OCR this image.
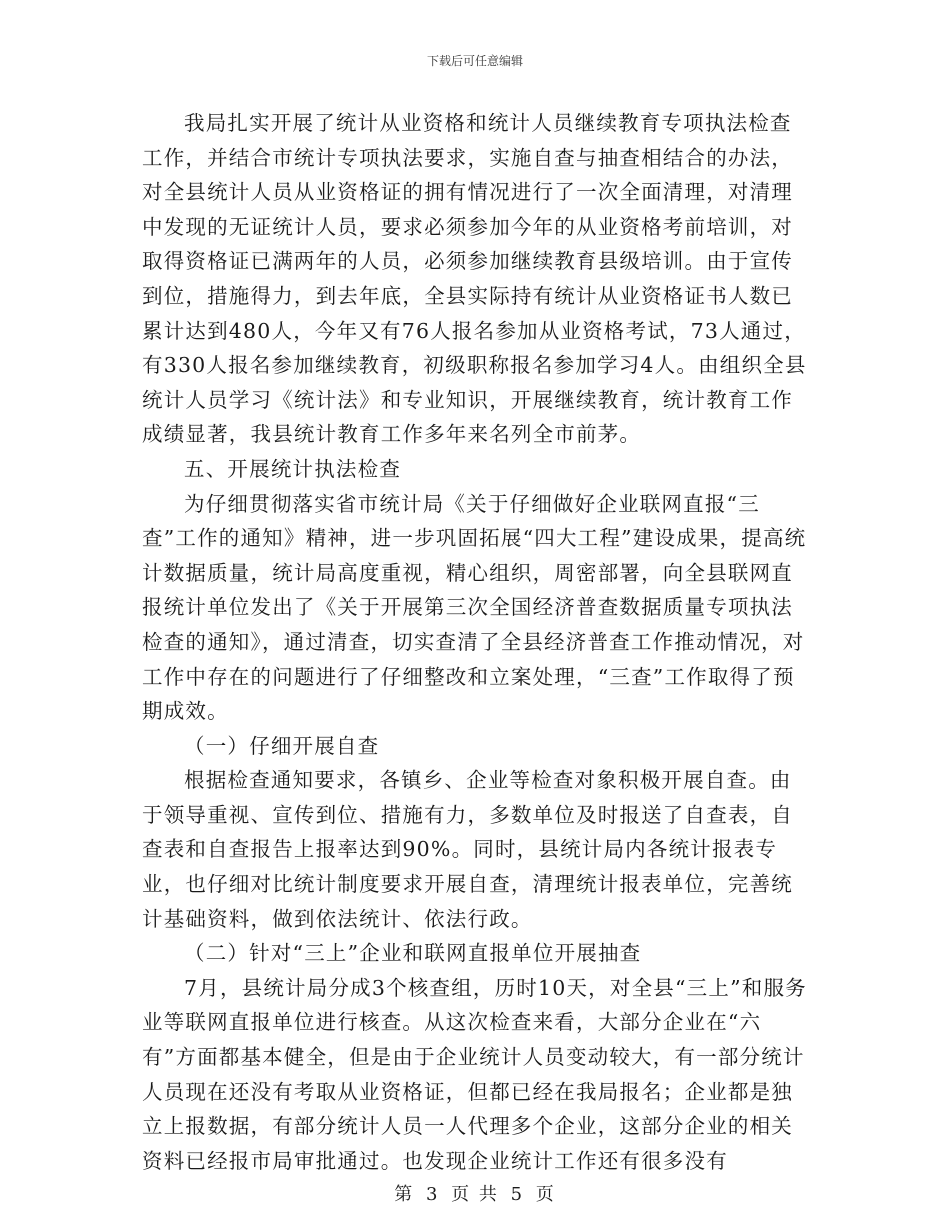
下载后可任意编辑

我局扎实开展了统计从业资格和统计人员继续教育专项执法检查工作，并结合市统计专项执法要求，实施自查与抽查相结合的办法，对全县统计人员从业资格证的拥有情况进行了一次全面清理，对清理中发现的无证统计人员，要求必须参加今年的从业资格考前培训，对取得资格证已满两年的人员，必须参加继续教育县级培训。由于宣传到位，措施得力，到去年底，全县实际持有统计从业资格证书人数已累计达到480人，今年又有76人报名参加从业资格考试，73人通过，有330人报名参加继续教育，初级职称报名参加学习4人。由组织全县统计人员学习《统计法》和专业知识，开展继续教育，统计教育工作成绩显著，我县统计教育工作多年来名列全市前茅。

五、开展统计执法检查

为仔细贯彻落实省市统计局《关于仔细做好企业联网直报“三查”工作的通知》精神，进一步巩固拓展“四大工程”建设成果，提高统计数据质量，统计局高度重视，精心组织，周密部署，向全县联网直报统计单位发出了《关于开展第三次全国经济普查数据质量专项执法检查的通知》，通过清查，切实查清了全县经济普查工作推动情况，对工作中存在的问题进行了仔细整改和立案处理，“三查”工作取得了预期成效。

（一）仔细开展自查

根据检查通知要求，各镇乡、企业等检查对象积极开展自查。由于领导重视、宣传到位、措施有力，多数单位及时报送了自查表，自查表和自查报告上报率达到90%。同时，县统计局内各统计报表专业，也仔细对比统计制度要求开展自查，清理统计报表单位，完善统计基础资料，做到依法统计、依法行政。

（二）针对“三上”企业和联网直报单位开展抽查

7月，县统计局分成3个核查组，历时10天，对全县“三上”和服务业等联网直报单位进行核查。从这次检查来看，大部分企业在“六有”方面都基本健全，但是由于企业统计人员变动较大，有一部分统计人员现在还没有考取从业资格证，但都已经在我局报名；企业都是独立上报数据，有部分统计人员一人代理多个企业，这部分企业的相关资料已经报市局审批通过。也发现企业统计工作还有很多没有

第 3 页 共 5 页
